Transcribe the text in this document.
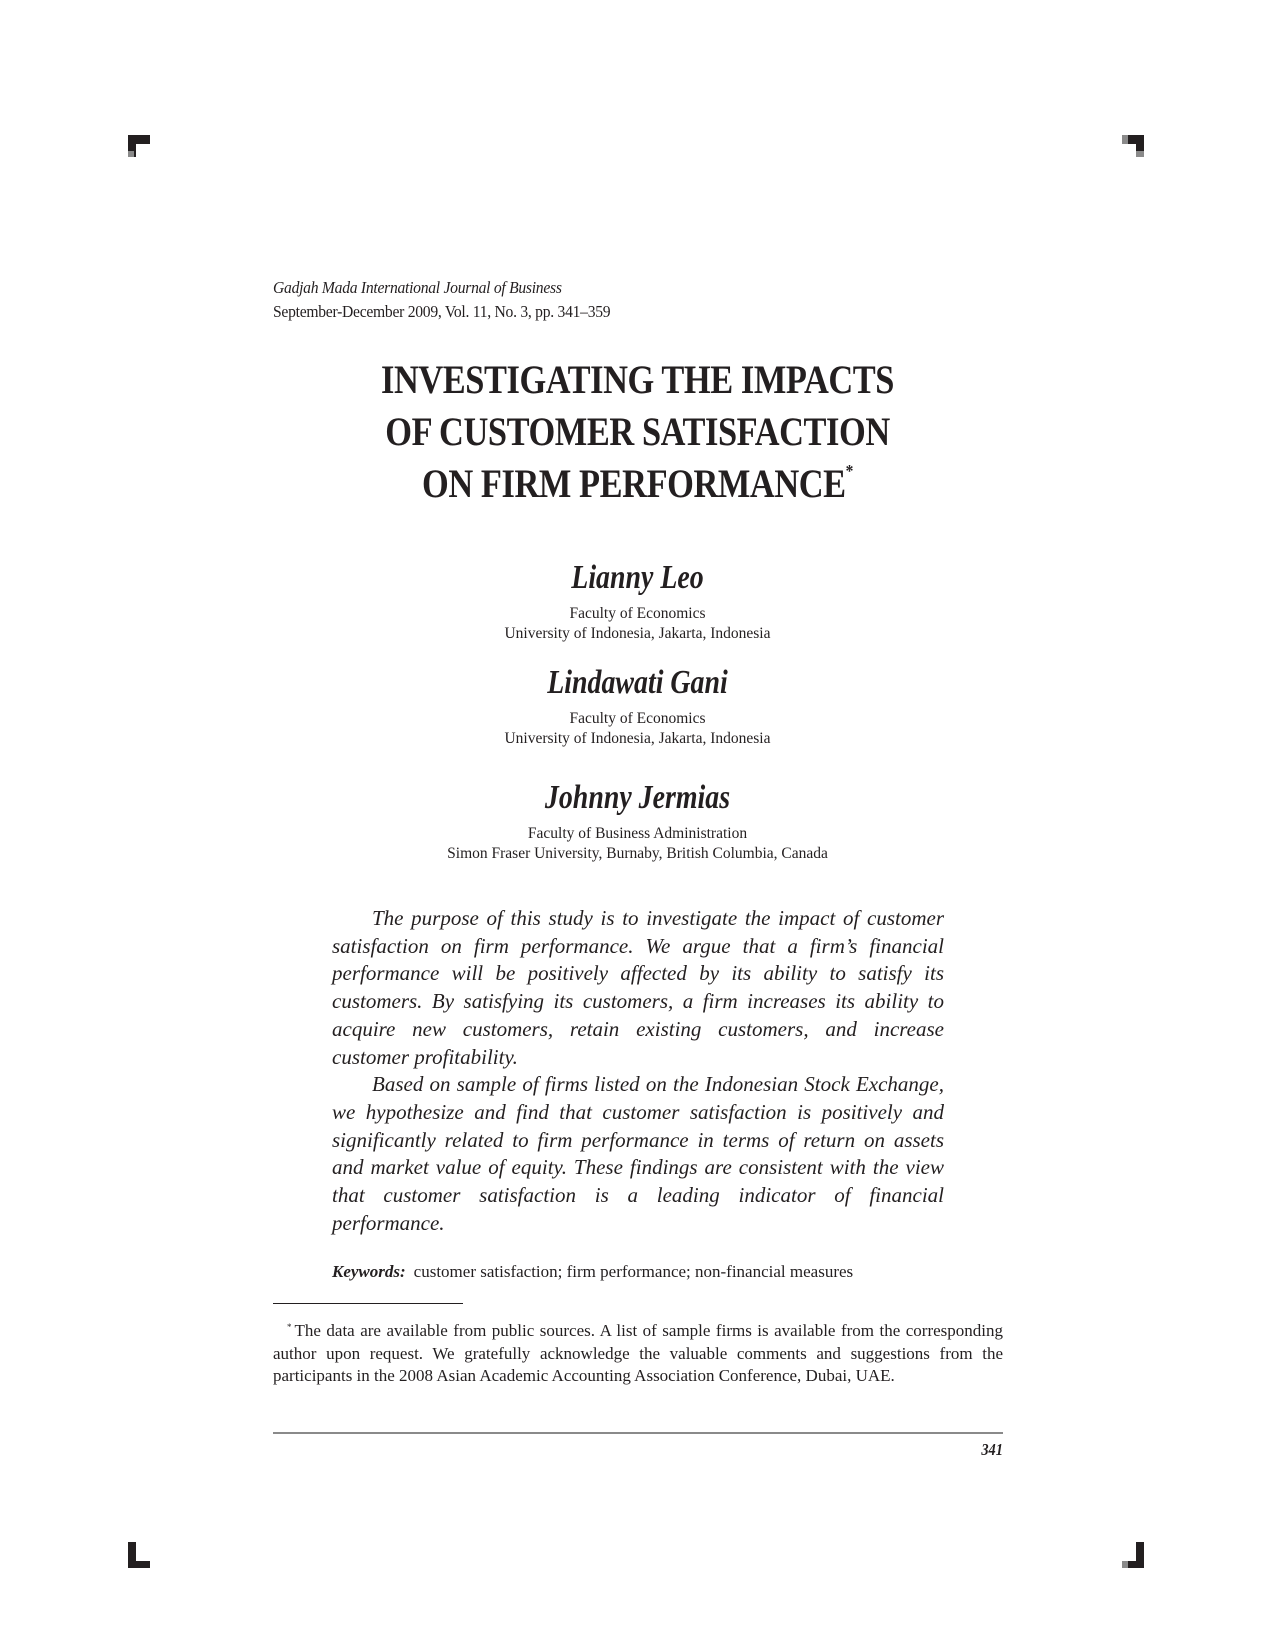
Gadjah Mada International Journal of Business
September-December 2009, Vol. 11, No. 3, pp. 341–359
INVESTIGATING THE IMPACTS
OF CUSTOMER SATISFACTION
ON FIRM PERFORMANCE*
Lianny Leo
Faculty of Economics
University of Indonesia, Jakarta, Indonesia
Lindawati Gani
Faculty of Economics
University of Indonesia, Jakarta, Indonesia
Johnny Jermias
Faculty of Business Administration
Simon Fraser University, Burnaby, British Columbia, Canada

The purpose of this study is to investigate the impact of customer satisfaction on firm performance. We argue that a firm’s financial performance will be positively affected by its ability to satisfy its customers. By satisfying its customers, a firm increases its ability to acquire new customers, retain existing customers, and increase customer profitability.

Based on sample of firms listed on the Indonesian Stock Exchange, we hypothesize and find that customer satisfaction is positively and significantly related to firm performance in terms of return on assets and market value of equity. These findings are consistent with the view that customer satisfaction is a leading indicator of financial performance.

Keywords: customer satisfaction; firm performance; non-financial measures

* The data are available from public sources. A list of sample firms is available from the corresponding author upon request. We gratefully acknowledge the valuable comments and suggestions from the participants in the 2008 Asian Academic Accounting Association Conference, Dubai, UAE.

341
